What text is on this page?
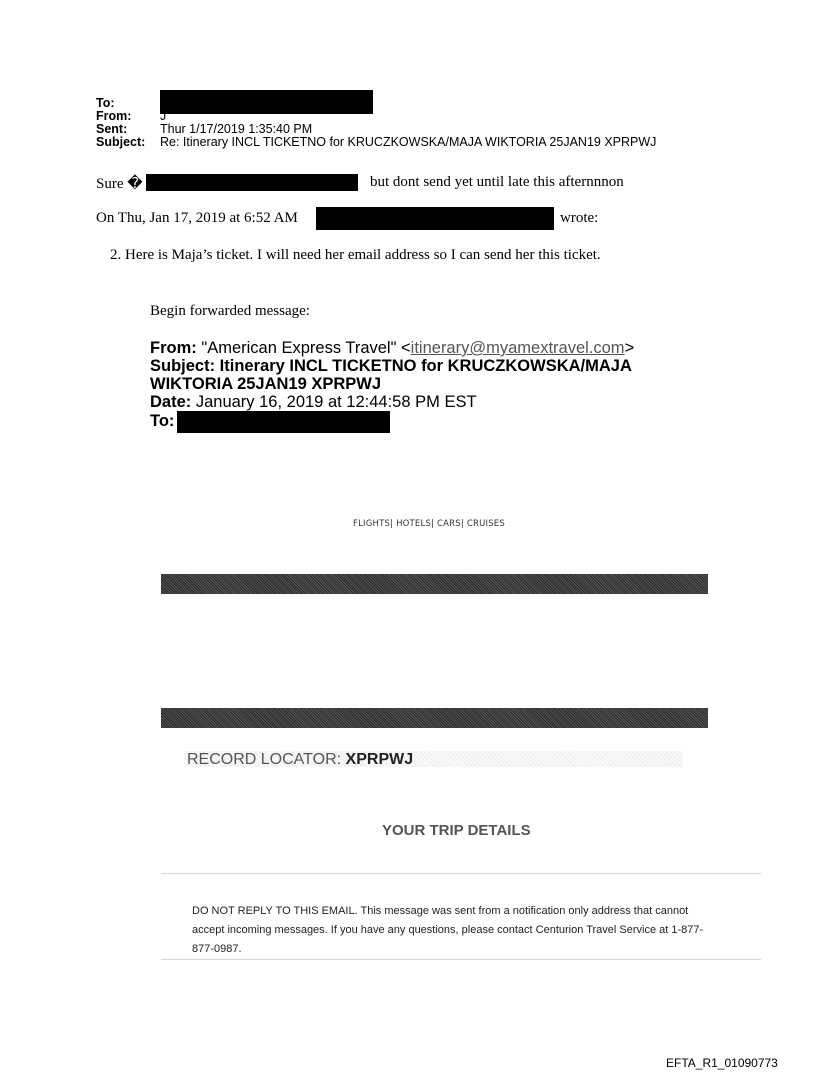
To:
From: J
Sent:	Thur 1/17/2019 1:35:40 PM
Subject: Re: Itinerary INCL TICKETNO for KRUCZKOWSKA/MAJA WIKTORIA 25JAN19 XPRPWJ
Sure �	but dont send yet until late this afternnnon
On Thu, Jan 17, 2019 at 6:52 AM	wrote:
2. Here is Maja’s ticket. I will need her email address so I can send her this ticket.
Begin forwarded message:
From: "American Express Travel" <itinerary@myamextravel.com>
Subject: Itinerary INCL TICKETNO for KRUCZKOWSKA/MAJA
WIKTORIA 25JAN19 XPRPWJ
Date: January 16, 2019 at 12:44:58 PM EST
To:
FLIGHTS| HOTELS| CARS| CRUISES
RECORD LOCATOR: XPRPWJ
YOUR TRIP DETAILS
DO NOT REPLY TO THIS EMAIL. This message was sent from a notification only address that cannot accept incoming messages. If you have any questions, please contact Centurion Travel Service at 1-877-877-0987.
EFTA_R1_01090773
